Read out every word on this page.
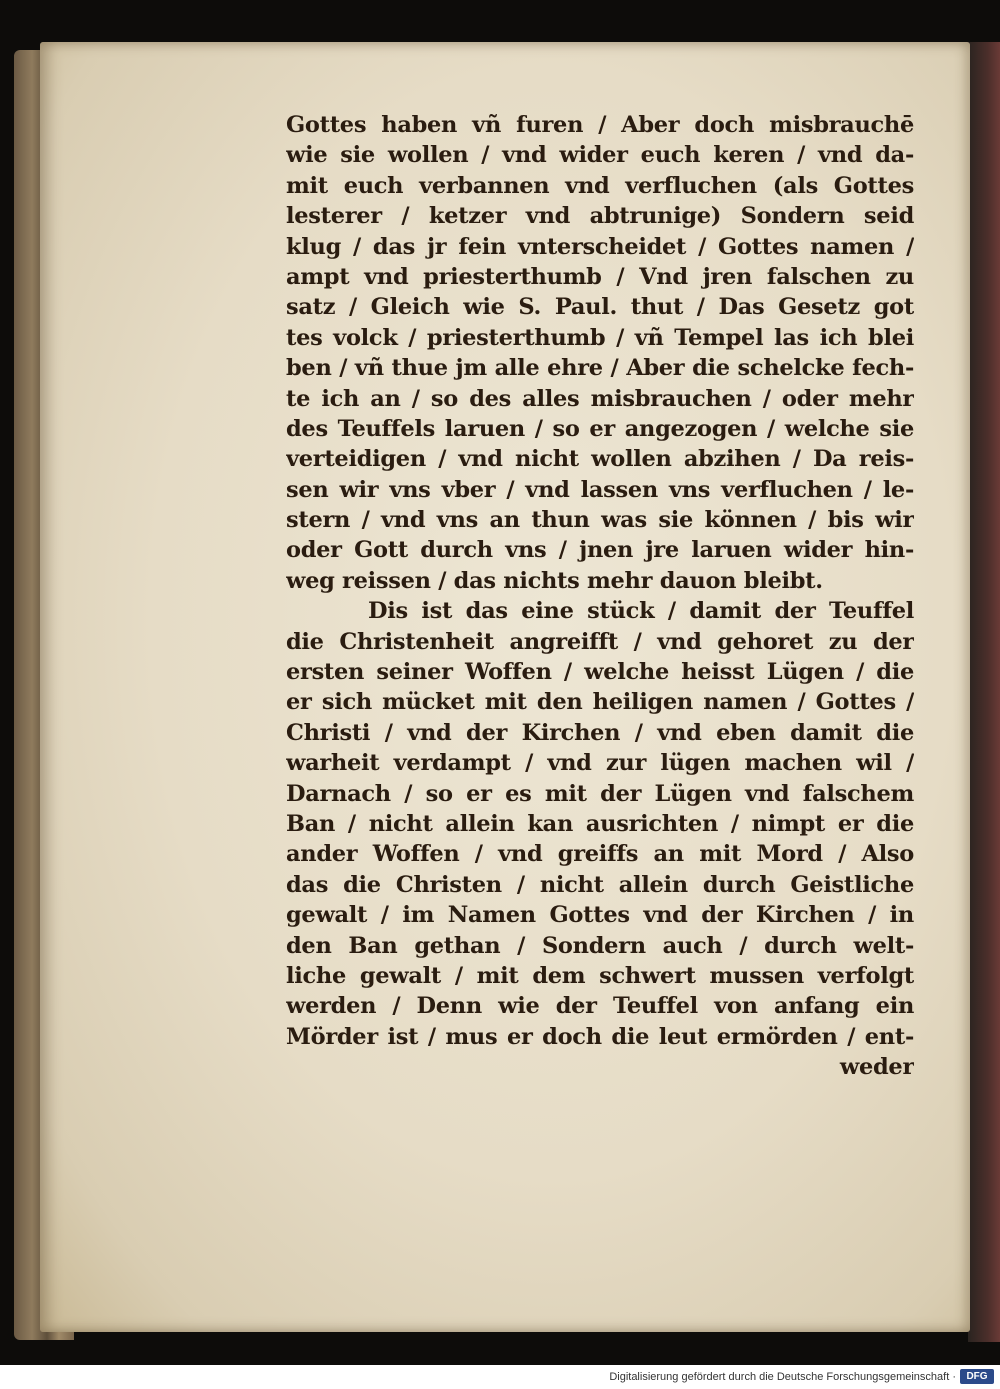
Gottes haben vñ furen / Aber doch misbrauchē
wie sie wollen / vnd wider euch keren / vnd da-
mit euch verbannen vnd verfluchen (als Gottes
lesterer / ketzer vnd abtrunige) Sondern seid
klug / das jr fein vnterscheidet / Gottes namen /
ampt vnd priesterthumb / Vnd jren falschen zu
satz / Gleich wie S. Paul. thut / Das Gesetz got
tes volck / priesterthumb / vñ Tempel las ich blei
ben / vñ thue jm alle ehre / Aber die schelcke fech-
te ich an / so des alles misbrauchen / oder mehr
des Teuffels laruen / so er angezogen / welche sie
verteidigen / vnd nicht wollen abzihen / Da reis-
sen wir vns vber / vnd lassen vns verfluchen / le-
stern / vnd vns an thun was sie können / bis wir
oder Gott durch vns / jnen jre laruen wider hin-
weg reissen / das nichts mehr dauon bleibt.
Dis ist das eine stück / damit der Teuffel
die Christenheit angreifft / vnd gehoret zu der
ersten seiner Woffen / welche heisst Lügen / die
er sich mücket mit den heiligen namen / Gottes /
Christi / vnd der Kirchen / vnd eben damit die
warheit verdampt / vnd zur lügen machen wil /
Darnach / so er es mit der Lügen vnd falschem
Ban / nicht allein kan ausrichten / nimpt er die
ander Woffen / vnd greiffs an mit Mord / Also
das die Christen / nicht allein durch Geistliche
gewalt / im Namen Gottes vnd der Kirchen / in
den Ban gethan / Sondern auch / durch welt-
liche gewalt / mit dem schwert mussen verfolgt
werden / Denn wie der Teuffel von anfang ein
Mörder ist / mus er doch die leut ermörden / ent-
weder
Digitalisierung gefördert durch die Deutsche Forschungsgemeinschaft ·	DFG
